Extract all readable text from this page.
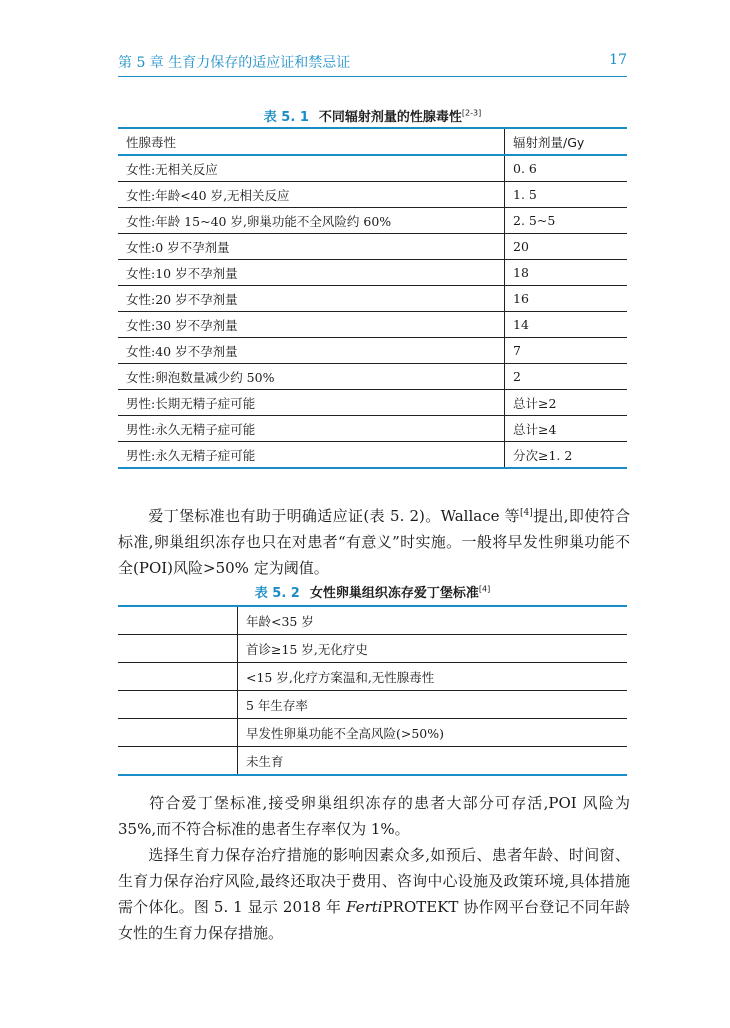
第 5 章 生育力保存的适应证和禁忌证	17
表 5. 1 不同辐射剂量的性腺毒性[2-3]
性腺毒性	辐射剂量/Gy
女性:无相关反应	0. 6
女性:年龄<40 岁,无相关反应	1. 5
女性:年龄 15~40 岁,卵巢功能不全风险约 60%	2. 5~5
女性:0 岁不孕剂量	20
女性:10 岁不孕剂量	18
女性:20 岁不孕剂量	16
女性:30 岁不孕剂量	14
女性:40 岁不孕剂量	7
女性:卵泡数量减少约 50%	2
男性:长期无精子症可能	总计≥2
男性:永久无精子症可能	总计≥4
男性:永久无精子症可能	分次≥1. 2
爱丁堡标准也有助于明确适应证(表 5. 2)。Wallace 等[4]提出,即使符合标准,卵巢组织冻存也只在对患者“有意义”时实施。一般将早发性卵巢功能不全(POI)风险>50% 定为阈值。
表 5. 2 女性卵巢组织冻存爱丁堡标准[4]
	年龄<35 岁
	首诊≥15 岁,无化疗史
	<15 岁,化疗方案温和,无性腺毒性
	5 年生存率
	早发性卵巢功能不全高风险(>50%)
	未生育
符合爱丁堡标准,接受卵巢组织冻存的患者大部分可存活,POI 风险为 35%,而不符合标准的患者生存率仅为 1%。
选择生育力保存治疗措施的影响因素众多,如预后、患者年龄、时间窗、生育力保存治疗风险,最终还取决于费用、咨询中心设施及政策环境,具体措施需个体化。图 5. 1 显示 2018 年 FertiPROTEKT 协作网平台登记不同年龄女性的生育力保存措施。
